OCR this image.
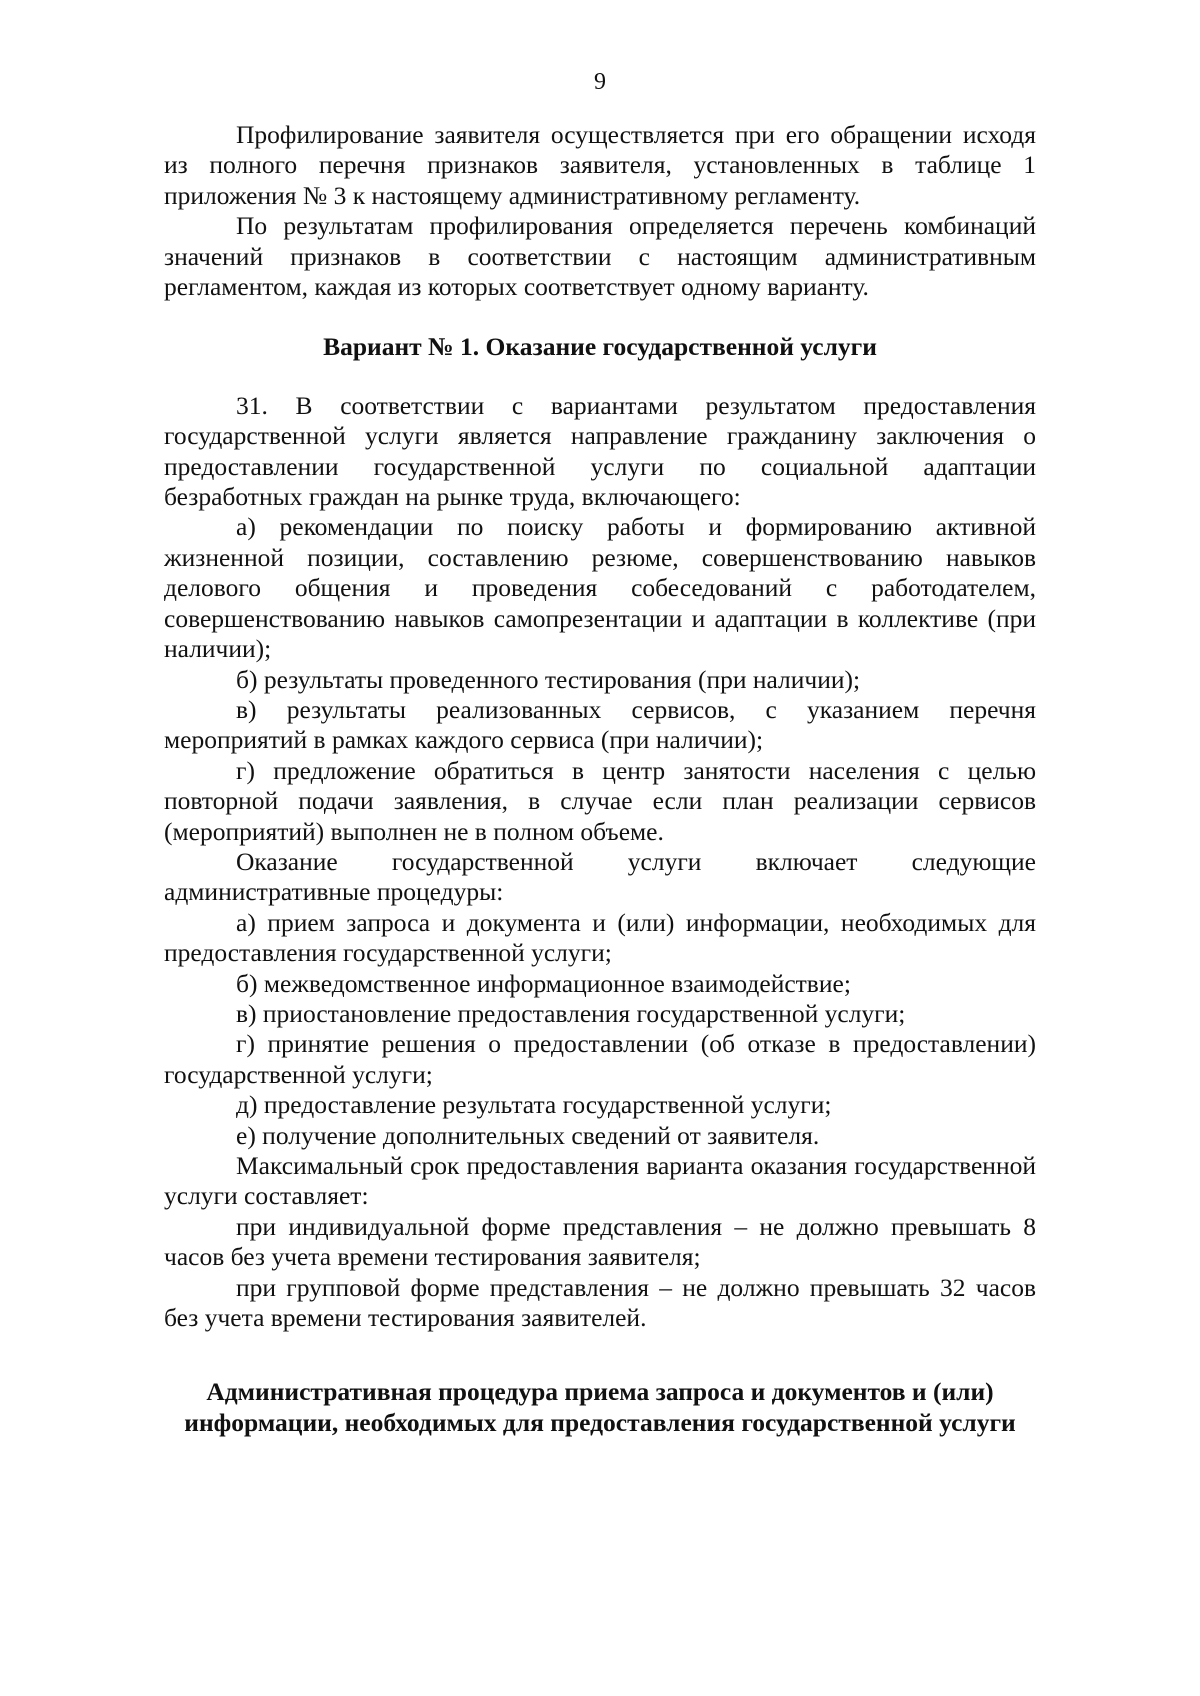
9

Профилирование заявителя осуществляется при его обращении исходя из полного перечня признаков заявителя, установленных в таблице 1 приложения № 3 к настоящему административному регламенту.

По результатам профилирования определяется перечень комбинаций значений признаков в соответствии с настоящим административным регламентом, каждая из которых соответствует одному варианту.

Вариант № 1. Оказание государственной услуги

31. В соответствии с вариантами результатом предоставления государственной услуги является направление гражданину заключения о предоставлении государственной услуги по социальной адаптации безработных граждан на рынке труда, включающего:

а) рекомендации по поиску работы и формированию активной жизненной позиции, составлению резюме, совершенствованию навыков делового общения и проведения собеседований с работодателем, совершенствованию навыков самопрезентации и адаптации в коллективе (при наличии);

б) результаты проведенного тестирования (при наличии);

в) результаты реализованных сервисов, с указанием перечня мероприятий в рамках каждого сервиса (при наличии);

г) предложение обратиться в центр занятости населения с целью повторной подачи заявления, в случае если план реализации сервисов (мероприятий) выполнен не в полном объеме.

Оказание государственной услуги включает следующие административные процедуры:

а) прием запроса и документа и (или) информации, необходимых для предоставления государственной услуги;

б) межведомственное информационное взаимодействие;

в) приостановление предоставления государственной услуги;

г) принятие решения о предоставлении (об отказе в предоставлении) государственной услуги;

д) предоставление результата государственной услуги;

е) получение дополнительных сведений от заявителя.

Максимальный срок предоставления варианта оказания государственной услуги составляет:

при индивидуальной форме представления – не должно превышать 8 часов без учета времени тестирования заявителя;

при групповой форме представления – не должно превышать 32 часов без учета времени тестирования заявителей.

Административная процедура приема запроса и документов и (или) информации, необходимых для предоставления государственной услуги
